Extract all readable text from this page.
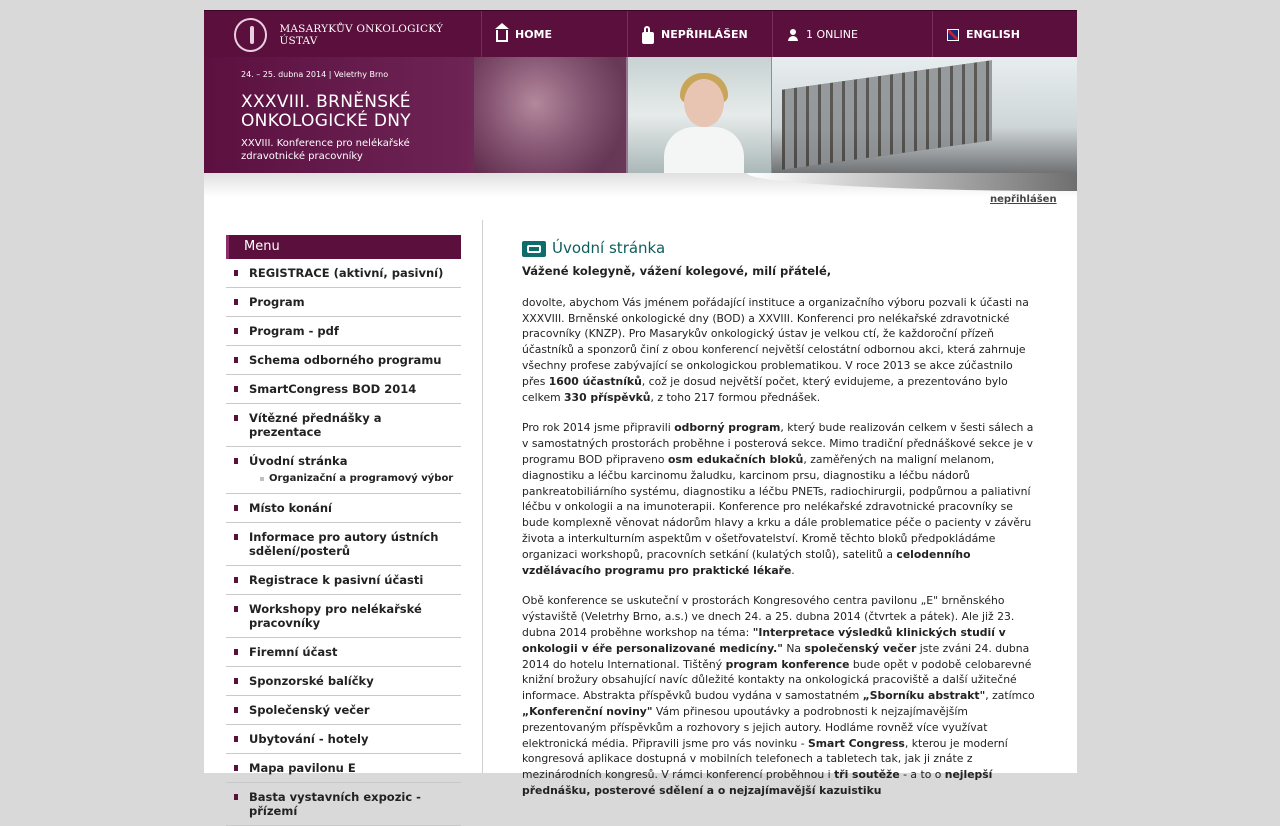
MASARYKŮV ONKOLOGICKÝ ÚSTAV	HOME	NEPŘIHLÁŠEN	1 ONLINE	ENGLISH
24. – 25. dubna 2014 | Veletrhy Brno
XXXVIII. BRNĚNSKÉ ONKOLOGICKÉ DNY
XXVIII. Konference pro nelékařské zdravotnické pracovníky
nepřihlášen
Menu
REGISTRACE (aktivní, pasivní)
Program
Program - pdf
Schema odborného programu
SmartCongress BOD 2014
Vítězné přednášky a prezentace
Úvodní stránka
Organizační a programový výbor
Místo konání
Informace pro autory ústních sdělení/posterů
Registrace k pasivní účasti
Workshopy pro nelékařské pracovníky
Firemní účast
Sponzorské balíčky
Společenský večer
Ubytování - hotely
Mapa pavilonu E
Basta vystavních expozic - přízemí
Úvodní stránka
Vážené kolegyně, vážení kolegové, milí přátelé,

dovolte, abychom Vás jménem pořádající instituce a organizačního výboru pozvali k účasti na XXXVIII. Brněnské onkologické dny (BOD) a XXVIII. Konferenci pro nelékařské zdravotnické pracovníky (KNZP). Pro Masarykův onkologický ústav je velkou ctí, že každoroční přízeň účastníků a sponzorů činí z obou konferencí největší celostátní odbornou akci, která zahrnuje všechny profese zabývající se onkologickou problematikou. V roce 2013 se akce zúčastnilo přes 1600 účastníků, což je dosud největší počet, který evidujeme, a prezentováno bylo celkem 330 příspěvků, z toho 217 formou přednášek.

Pro rok 2014 jsme připravili odborný program, který bude realizován celkem v šesti sálech a v samostatných prostorách proběhne i posterová sekce. Mimo tradiční přednáškové sekce je v programu BOD připraveno osm edukačních bloků, zaměřených na maligní melanom, diagnostiku a léčbu karcinomu žaludku, karcinom prsu, diagnostiku a léčbu nádorů pankreatobiliárního systému, diagnostiku a léčbu PNETs, radiochirurgii, podpůrnou a paliativní léčbu v onkologii a na imunoterapii. Konference pro nelékařské zdravotnické pracovníky se bude komplexně věnovat nádorům hlavy a krku a dále problematice péče o pacienty v závěru života a interkulturním aspektům v ošetřovatelství. Kromě těchto bloků předpokládáme organizaci workshopů, pracovních setkání (kulatých stolů), satelitů a celodenního vzdělávacího programu pro praktické lékaře.

Obě konference se uskuteční v prostorách Kongresového centra pavilonu „E" brněnského výstaviště (Veletrhy Brno, a.s.) ve dnech 24. a 25. dubna 2014 (čtvrtek a pátek). Ale již 23. dubna 2014 proběhne workshop na téma: "Interpretace výsledků klinických studií v onkologii v éře personalizované medicíny." Na společenský večer jste zváni 24. dubna 2014 do hotelu International. Tištěný program konference bude opět v podobě celobarevné knižní brožury obsahující navíc důležité kontakty na onkologická pracoviště a další užitečné informace. Abstrakta příspěvků budou vydána v samostatném „Sborníku abstrakt", zatímco „Konferenční noviny" Vám přinesou upoutávky a podrobnosti k nejzajímavějším prezentovaným příspěvkům a rozhovory s jejich autory. Hodláme rovněž více využívat elektronická média. Připravili jsme pro vás novinku - Smart Congress, kterou je moderní kongresová aplikace dostupná v mobilních telefonech a tabletech tak, jak ji znáte z mezinárodních kongresů. V rámci konferencí proběhnou i tři soutěže - a to o nejlepší přednášku, posterové sdělení a o nejzajímavější kazuistiku
